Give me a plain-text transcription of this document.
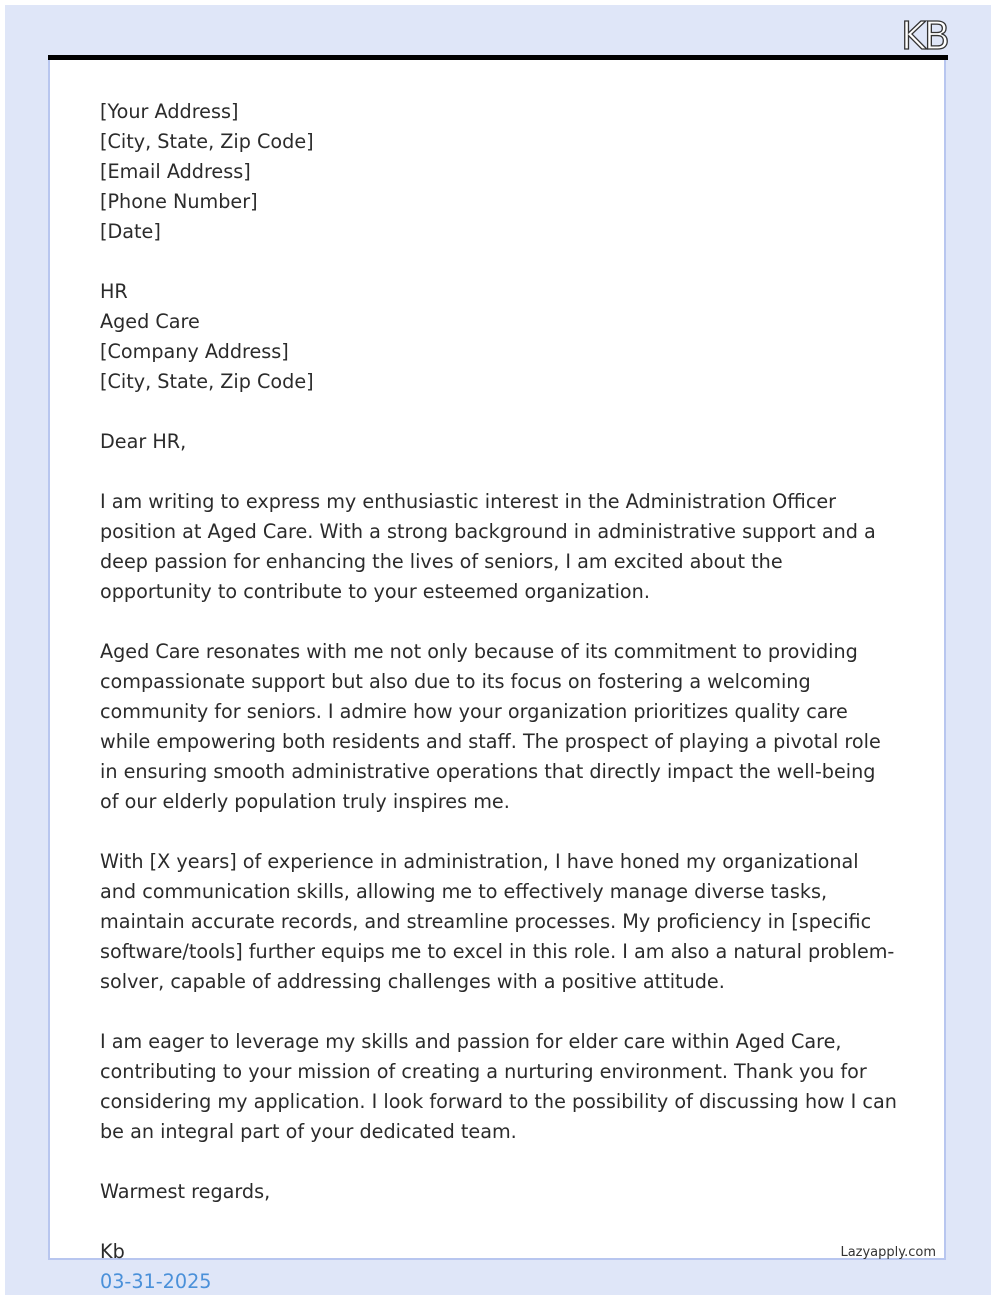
KB
[Your Address]
[City, State, Zip Code]
[Email Address]
[Phone Number]
[Date]
HR
Aged Care
[Company Address]
[City, State, Zip Code]
Dear HR,

I am writing to express my enthusiastic interest in the Administration Officer position at Aged Care. With a strong background in administrative support and a deep passion for enhancing the lives of seniors, I am excited about the opportunity to contribute to your esteemed organization.

Aged Care resonates with me not only because of its commitment to providing compassionate support but also due to its focus on fostering a welcoming community for seniors. I admire how your organization prioritizes quality care while empowering both residents and staff. The prospect of playing a pivotal role in ensuring smooth administrative operations that directly impact the well-being of our elderly population truly inspires me.

With [X years] of experience in administration, I have honed my organizational and communication skills, allowing me to effectively manage diverse tasks, maintain accurate records, and streamline processes. My proficiency in [specific software/tools] further equips me to excel in this role. I am also a natural problem-solver, capable of addressing challenges with a positive attitude.

I am eager to leverage my skills and passion for elder care within Aged Care, contributing to your mission of creating a nurturing environment. Thank you for considering my application. I look forward to the possibility of discussing how I can be an integral part of your dedicated team.

Warmest regards,
Kb
03-31-2025
Lazyapply.com
